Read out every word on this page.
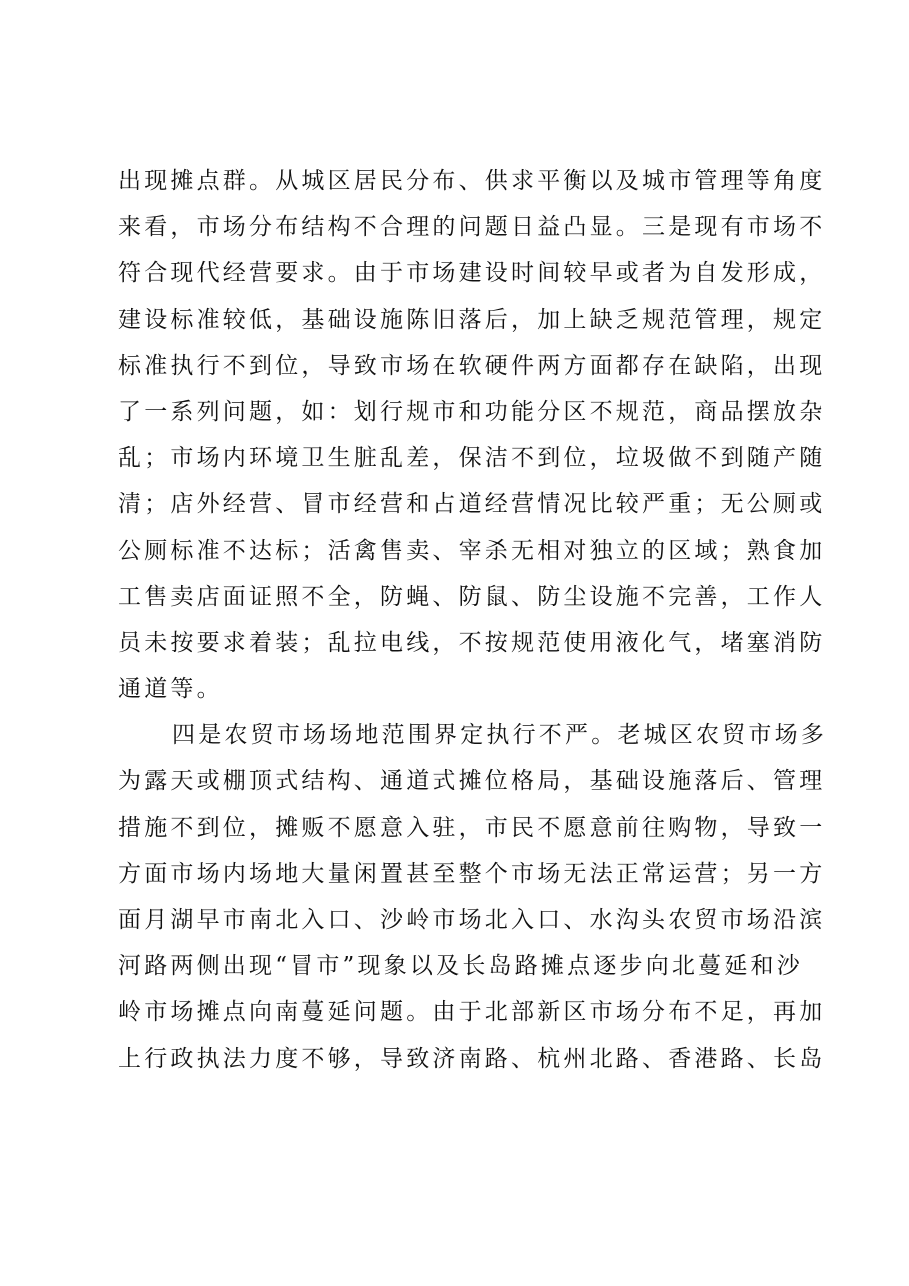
出现摊点群。从城区居民分布、供求平衡以及城市管理等角度
来看，市场分布结构不合理的问题日益凸显。三是现有市场不
符合现代经营要求。由于市场建设时间较早或者为自发形成，
建设标准较低，基础设施陈旧落后，加上缺乏规范管理，规定
标准执行不到位，导致市场在软硬件两方面都存在缺陷，出现
了一系列问题，如：划行规市和功能分区不规范，商品摆放杂
乱；市场内环境卫生脏乱差，保洁不到位，垃圾做不到随产随
清；店外经营、冒市经营和占道经营情况比较严重；无公厕或
公厕标准不达标；活禽售卖、宰杀无相对独立的区域；熟食加
工售卖店面证照不全，防蝇、防鼠、防尘设施不完善，工作人
员未按要求着装；乱拉电线，不按规范使用液化气，堵塞消防
通道等。
四是农贸市场场地范围界定执行不严。老城区农贸市场多
为露天或棚顶式结构、通道式摊位格局，基础设施落后、管理
措施不到位，摊贩不愿意入驻，市民不愿意前往购物，导致一
方面市场内场地大量闲置甚至整个市场无法正常运营；另一方
面月湖早市南北入口、沙岭市场北入口、水沟头农贸市场沿滨
河路两侧出现“冒市”现象以及长岛路摊点逐步向北蔓延和沙
岭市场摊点向南蔓延问题。由于北部新区市场分布不足，再加
上行政执法力度不够，导致济南路、杭州北路、香港路、长岛
